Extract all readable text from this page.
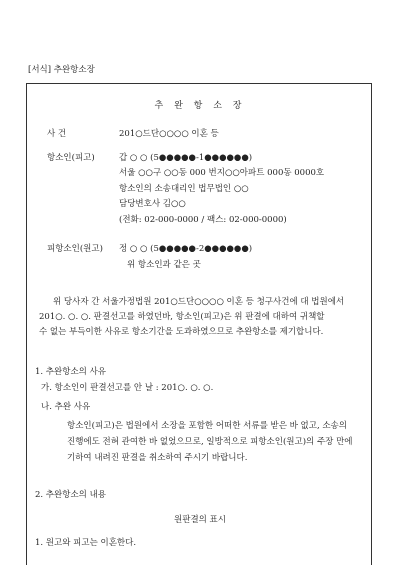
[서식] 추완항소장
추 완 항 소 장
사 건	201○드단○○○○ 이혼 등
항소인(피고)	갑 ○ ○ (5●●●●●-1●●●●●●)
서울 ○○구 ○○동 000 번지○○아파트 000동 0000호
항소인의 소송대리인 법무법인 ○○
담당변호사 김○○
(전화: 02-000-0000 / 팩스: 02-000-0000)
피항소인(원고) 정 ○ ○ (5●●●●●-2●●●●●●)
위 항소인과 같은 곳
위 당사자 간 서울가정법원 201○드단○○○○ 이혼 등 청구사건에 대 법원에서
201○. ○. ○. 판결선고를 하였던바, 항소인(피고)은 위 판결에 대하여 귀책할
수 없는 부득이한 사유로 항소기간을 도과하였으므로 추완항소를 제기합니다.
1. 추완항소의 사유
가. 항소인이 판결선고를 안 날 : 201○. ○. ○.
나. 추완 사유
항소인(피고)은 법원에서 소장을 포함한 어떠한 서류를 받은 바 없고, 소송의
진행에도 전혀 관여한 바 없었으므로, 일방적으로 피항소인(원고)의 주장 만에
기하여 내려진 판결을 취소하여 주시기 바랍니다.
2. 추완항소의 내용
원판결의 표시
1. 원고와 피고는 이혼한다.
